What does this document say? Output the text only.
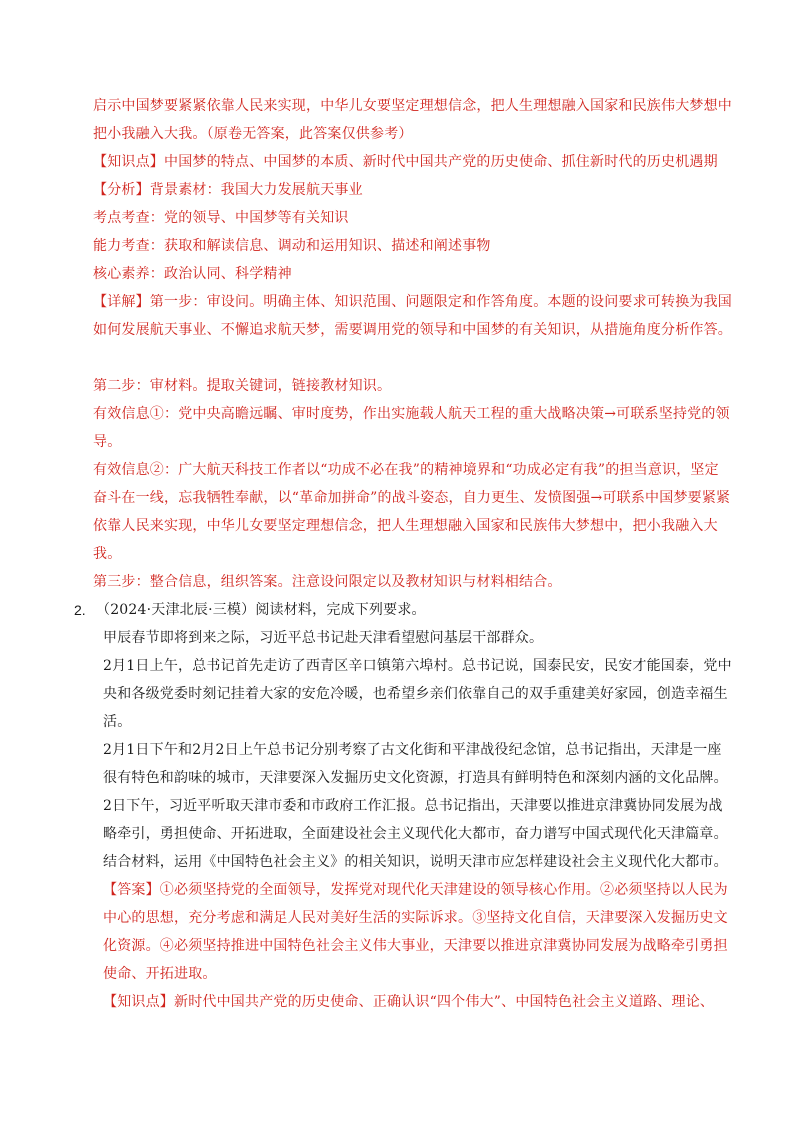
启示中国梦要紧紧依靠人民来实现，中华儿女要坚定理想信念，把人生理想融入国家和民族伟大梦想中把小我融入大我。（原卷无答案，此答案仅供参考）

【知识点】中国梦的特点、中国梦的本质、新时代中国共产党的历史使命、抓住新时代的历史机遇期

【分析】背景素材：我国大力发展航天事业

考点考查：党的领导、中国梦等有关知识

能力考查：获取和解读信息、调动和运用知识、描述和阐述事物

核心素养：政治认同、科学精神

【详解】第一步：审设问。明确主体、知识范围、问题限定和作答角度。本题的设问要求可转换为我国如何发展航天事业、不懈追求航天梦，需要调用党的领导和中国梦的有关知识，从措施角度分析作答。

第二步：审材料。提取关键词，链接教材知识。

有效信息①：党中央高瞻远瞩、审时度势，作出实施载人航天工程的重大战略决策→可联系坚持党的领导。

有效信息②：广大航天科技工作者以“功成不必在我”的精神境界和“功成必定有我”的担当意识，坚定奋斗在一线，忘我牺牲奉献，以“革命加拼命”的战斗姿态，自力更生、发愤图强→可联系中国梦要紧紧依靠人民来实现，中华儿女要坚定理想信念，把人生理想融入国家和民族伟大梦想中，把小我融入大我。

第三步：整合信息，组织答案。注意设问限定以及教材知识与材料相结合。

2. （2024·天津北辰·三模）阅读材料，完成下列要求。

甲辰春节即将到来之际，习近平总书记赴天津看望慰问基层干部群众。

2月1日上午，总书记首先走访了西青区辛口镇第六埠村。总书记说，国泰民安，民安才能国泰，党中央和各级党委时刻记挂着大家的安危冷暖，也希望乡亲们依靠自己的双手重建美好家园，创造幸福生活。

2月1日下午和2月2日上午总书记分别考察了古文化街和平津战役纪念馆，总书记指出，天津是一座很有特色和韵味的城市，天津要深入发掘历史文化资源，打造具有鲜明特色和深刻内涵的文化品牌。

2日下午，习近平听取天津市委和市政府工作汇报。总书记指出，天津要以推进京津冀协同发展为战略牵引，勇担使命、开拓进取，全面建设社会主义现代化大都市，奋力谱写中国式现代化天津篇章。

结合材料，运用《中国特色社会主义》的相关知识，说明天津市应怎样建设社会主义现代化大都市。

【答案】①必须坚持党的全面领导，发挥党对现代化天津建设的领导核心作用。②必须坚持以人民为中心的思想，充分考虑和满足人民对美好生活的实际诉求。③坚持文化自信，天津要深入发掘历史文化资源。④必须坚持推进中国特色社会主义伟大事业，天津要以推进京津冀协同发展为战略牵引勇担使命、开拓进取。

【知识点】新时代中国共产党的历史使命、正确认识“四个伟大”、中国特色社会主义道路、理论、
